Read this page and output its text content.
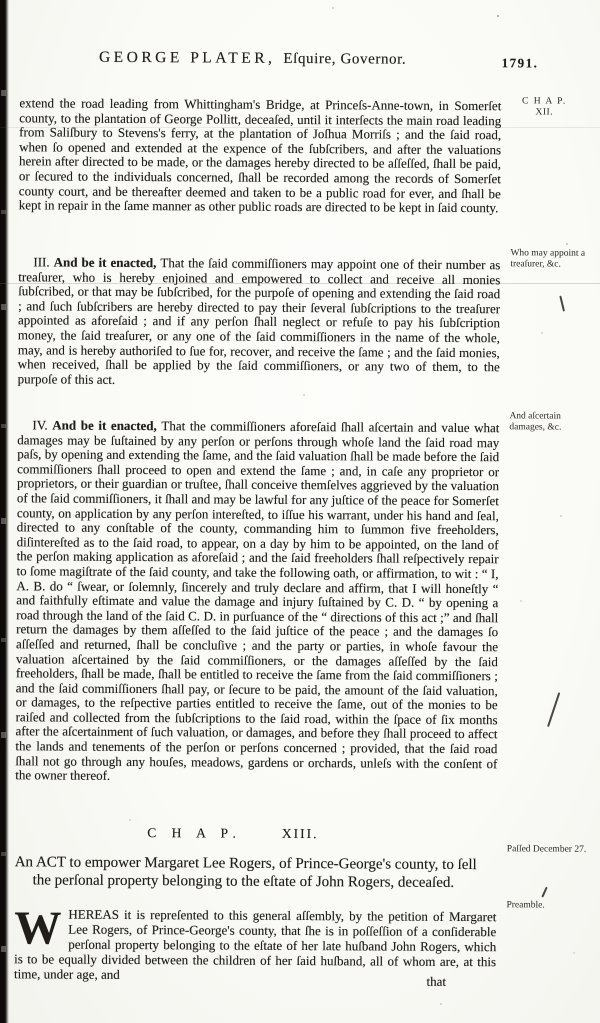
GEORGE PLATER, Eſquire, Governor.	1791.
C H A P.
XII.

extend the road leading from Whittingham's Bridge, at Princeſs-Anne-town, in Somerſet county, to the plantation of George Pollitt, deceaſed, until it interſects the main road leading from Saliſbury to Stevens's ferry, at the plantation of Joſhua Morriſs ; and the ſaid road, when ſo opened and extended at the expence of the ſubſcribers, and after the valuations herein after directed to be made, or the damages hereby directed to be aſſeſſed, ſhall be paid, or ſecured to the individuals concerned, ſhall be recorded among the records of Somerſet county court, and be thereafter deemed and taken to be a public road for ever, and ſhall be kept in repair in the ſame manner as other public roads are directed to be kept in ſaid county.

III. And be it enacted, That the ſaid commiſſioners may appoint one of their number as treaſurer, who is hereby enjoined and empowered to collect and receive all monies ſubſcribed, or that may be ſubſcribed, for the purpoſe of opening and extending the ſaid road ; and ſuch ſubſcribers are hereby directed to pay their ſeveral ſubſcriptions to the treaſurer appointed as aforeſaid ; and if any perſon ſhall neglect or refuſe to pay his ſubſcription money, the ſaid treaſurer, or any one of the ſaid commiſſioners in the name of the whole, may, and is hereby authoriſed to ſue for, recover, and receive the ſame ; and the ſaid monies, when received, ſhall be applied by the ſaid commiſſioners, or any two of them, to the purpoſe of this act.

Who may appoint a treaſurer, &c.

IV. And be it enacted, That the commiſſioners aforeſaid ſhall aſcertain and value what damages may be ſuſtained by any perſon or perſons through whoſe land the ſaid road may paſs, by opening and extending the ſame, and the ſaid valuation ſhall be made before the ſaid commiſſioners ſhall proceed to open and extend the ſame ; and, in caſe any proprietor or proprietors, or their guardian or truſtee, ſhall conceive themſelves aggrieved by the valuation of the ſaid commiſſioners, it ſhall and may be lawful for any juſtice of the peace for Somerſet county, on application by any perſon intereſted, to iſſue his warrant, under his hand and ſeal, directed to any conſtable of the county, commanding him to ſummon five freeholders, diſintereſted as to the ſaid road, to appear, on a day by him to be appointed, on the land of the perſon making application as aforeſaid ; and the ſaid freeholders ſhall reſpectively repair to ſome magiſtrate of the ſaid county, and take the following oath, or affirmation, to wit : “ I, A. B. do “ ſwear, or ſolemnly, ſincerely and truly declare and affirm, that I will honeſtly “ and faithfully eſtimate and value the damage and injury ſuſtained by C. D. “ by opening a road through the land of the ſaid C. D. in purſuance of the “ directions of this act ;” and ſhall return the damages by them aſſeſſed to the ſaid juſtice of the peace ; and the damages ſo aſſeſſed and returned, ſhall be concluſive ; and the party or parties, in whoſe favour the valuation aſcertained by the ſaid commiſſioners, or the damages aſſeſſed by the ſaid freeholders, ſhall be made, ſhall be entitled to receive the ſame from the ſaid commiſſioners ; and the ſaid commiſſioners ſhall pay, or ſecure to be paid, the amount of the ſaid valuation, or damages, to the reſpective parties entitled to receive the ſame, out of the monies to be raiſed and collected from the ſubſcriptions to the ſaid road, within the ſpace of ſix months after the aſcertainment of ſuch valuation, or damages, and before they ſhall proceed to affect the lands and tenements of the perſon or perſons concerned ; provided, that the ſaid road ſhall not go through any houſes, meadows, gardens or orchards, unleſs with the conſent of the owner thereof.

And aſcertain damages, &c.
C H A P.	XIII.

An ACT to empower Margaret Lee Rogers, of Prince-George's county, to ſell the perſonal property belonging to the eſtate of John Rogers, deceaſed.

Paſſed December 27.

WHEREAS it is repreſented to this general aſſembly, by the petition of Margaret Lee Rogers, of Prince-George's county, that ſhe is in poſſeſſion of a conſiderable perſonal property belonging to the eſtate of her late huſband John Rogers, which is to be equally divided between the children of her ſaid huſband, all of whom are, at this time, under age, and

Preamble.
that
